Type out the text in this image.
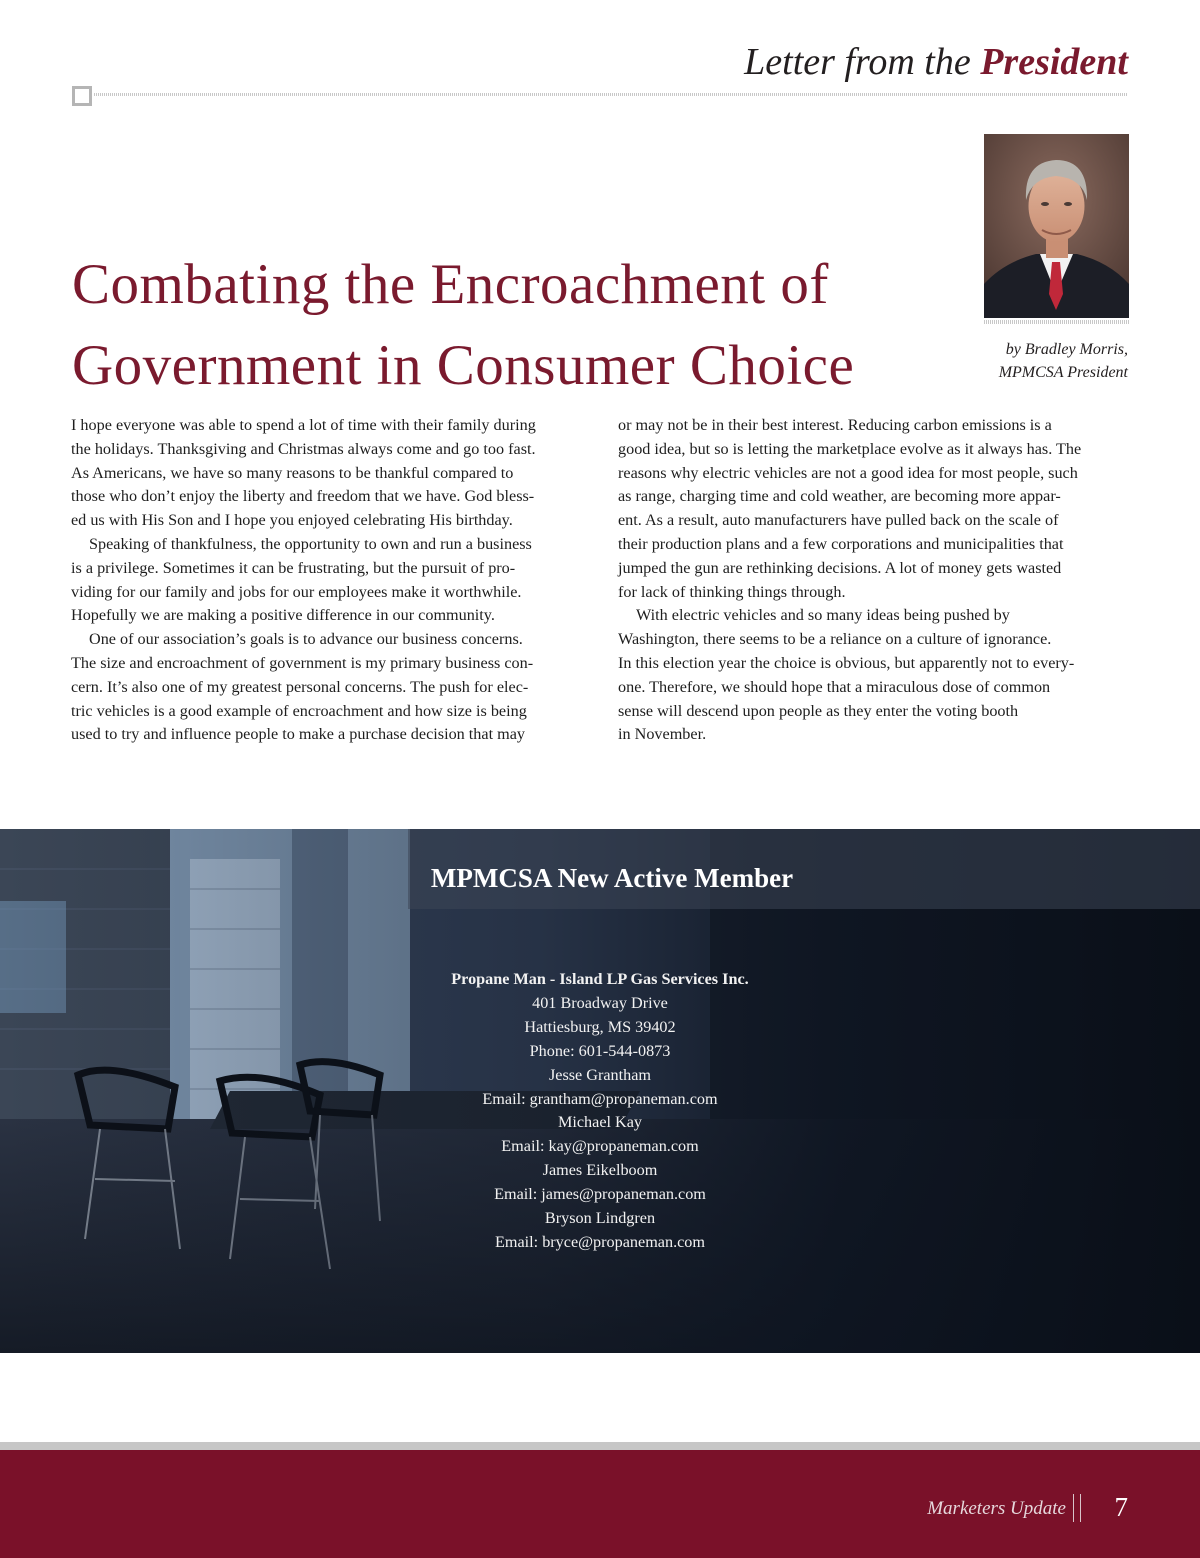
Letter from the President
Combating the Encroachment of
Government in Consumer Choice	by Bradley Morris,
MPMCSA President

I hope everyone was able to spend a lot of time with their family during

the holidays. Thanksgiving and Christmas always come and go too fast.

As Americans, we have so many reasons to be thankful compared to

those who don’t enjoy the liberty and freedom that we have. God bless-

ed us with His Son and I hope you enjoyed celebrating His birthday.

Speaking of thankfulness, the opportunity to own and run a business

is a privilege. Sometimes it can be frustrating, but the pursuit of pro-

viding for our family and jobs for our employees make it worthwhile.

Hopefully we are making a positive difference in our community.

One of our association’s goals is to advance our business concerns.

The size and encroachment of government is my primary business con-

cern. It’s also one of my greatest personal concerns. The push for elec-

tric vehicles is a good example of encroachment and how size is being

used to try and influence people to make a purchase decision that may

or may not be in their best interest. Reducing carbon emissions is a

good idea, but so is letting the marketplace evolve as it always has. The

reasons why electric vehicles are not a good idea for most people, such

as range, charging time and cold weather, are becoming more appar-

ent. As a result, auto manufacturers have pulled back on the scale of

their production plans and a few corporations and municipalities that

jumped the gun are rethinking decisions. A lot of money gets wasted

for lack of thinking things through.

With electric vehicles and so many ideas being pushed by

Washington, there seems to be a reliance on a culture of ignorance.

In this election year the choice is obvious, but apparently not to every-

one. Therefore, we should hope that a miraculous dose of common

sense will descend upon people as they enter the voting booth

in November.

MPMCSA New Active Member
Propane Man - Island LP Gas Services Inc.
401 Broadway Drive
Hattiesburg, MS 39402
Phone: 601-544-0873
Jesse Grantham
Email: grantham@propaneman.com
Michael Kay
Email: kay@propaneman.com
James Eikelboom
Email: james@propaneman.com
Bryson Lindgren
Email: bryce@propaneman.com
Marketers Update 7
